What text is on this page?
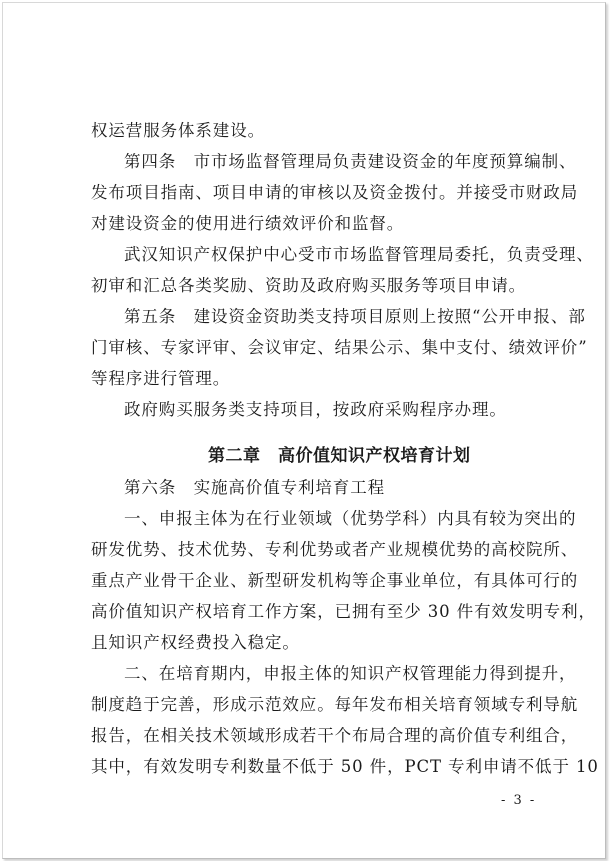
权运营服务体系建设。
第四条　市市场监督管理局负责建设资金的年度预算编制、
发布项目指南、项目申请的审核以及资金拨付。并接受市财政局
对建设资金的使用进行绩效评价和监督。
武汉知识产权保护中心受市市场监督管理局委托，负责受理、
初审和汇总各类奖励、资助及政府购买服务等项目申请。
第五条　建设资金资助类支持项目原则上按照“公开申报、部
门审核、专家评审、会议审定、结果公示、集中支付、绩效评价”
等程序进行管理。
政府购买服务类支持项目，按政府采购程序办理。
第二章　高价值知识产权培育计划
第六条　实施高价值专利培育工程
一、申报主体为在行业领域（优势学科）内具有较为突出的
研发优势、技术优势、专利优势或者产业规模优势的高校院所、
重点产业骨干企业、新型研发机构等企事业单位，有具体可行的
高价值知识产权培育工作方案，已拥有至少 30 件有效发明专利，
且知识产权经费投入稳定。
二、在培育期内，申报主体的知识产权管理能力得到提升，
制度趋于完善，形成示范效应。每年发布相关培育领域专利导航
报告，在相关技术领域形成若干个布局合理的高价值专利组合，
其中，有效发明专利数量不低于 50 件，PCT 专利申请不低于 10
- 3 -
